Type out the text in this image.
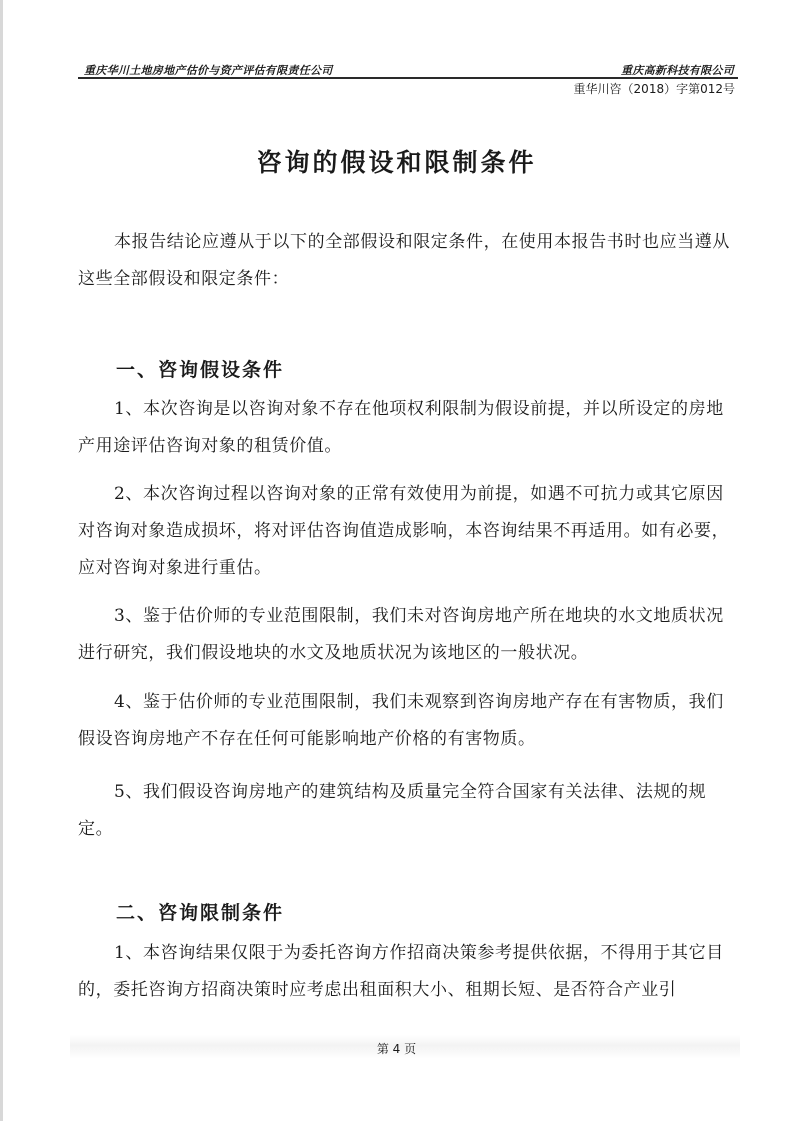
重庆华川土地房地产估价与资产评估有限责任公司	重庆高新科技有限公司
重华川咨（2018）字第012号
咨询的假设和限制条件

本报告结论应遵从于以下的全部假设和限定条件，在使用本报告书时也应当遵从这些全部假设和限定条件：

一、咨询假设条件

1、本次咨询是以咨询对象不存在他项权利限制为假设前提，并以所设定的房地产用途评估咨询对象的租赁价值。

2、本次咨询过程以咨询对象的正常有效使用为前提，如遇不可抗力或其它原因对咨询对象造成损坏，将对评估咨询值造成影响，本咨询结果不再适用。如有必要，应对咨询对象进行重估。

3、鉴于估价师的专业范围限制，我们未对咨询房地产所在地块的水文地质状况进行研究，我们假设地块的水文及地质状况为该地区的一般状况。

4、鉴于估价师的专业范围限制，我们未观察到咨询房地产存在有害物质，我们假设咨询房地产不存在任何可能影响地产价格的有害物质。

5、我们假设咨询房地产的建筑结构及质量完全符合国家有关法律、法规的规定。

二、咨询限制条件

1、本咨询结果仅限于为委托咨询方作招商决策参考提供依据，不得用于其它目的，委托咨询方招商决策时应考虑出租面积大小、租期长短、是否符合产业引

第 4 页
